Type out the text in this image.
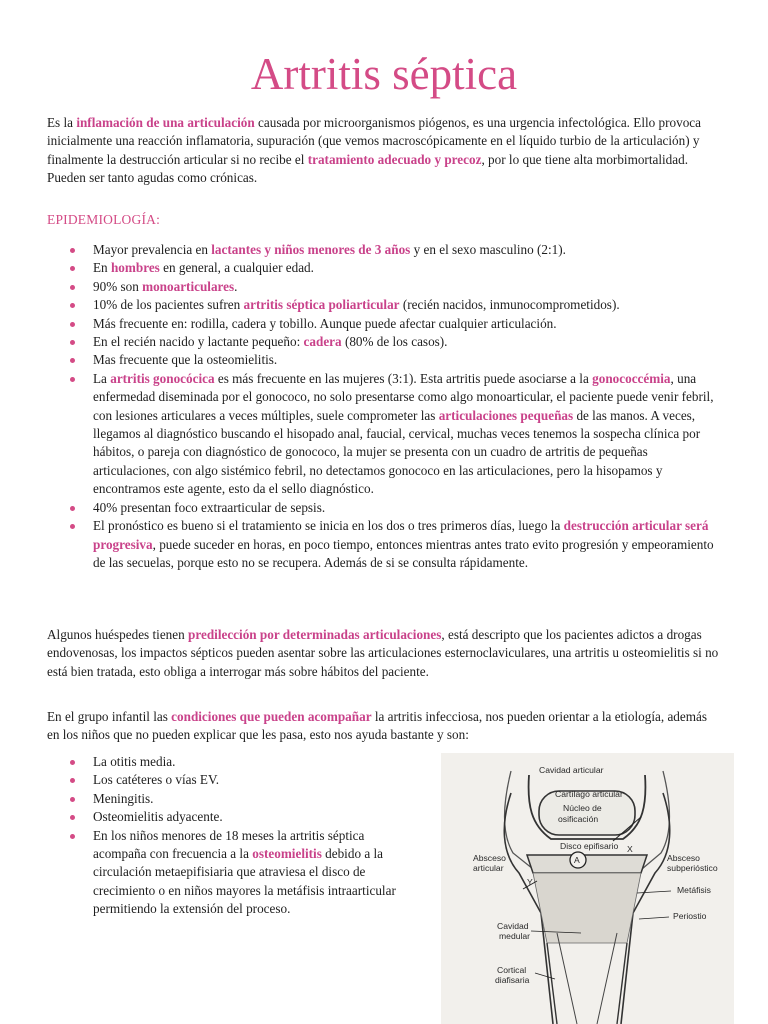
Artritis séptica

Es la inflamación de una articulación causada por microorganismos piógenos, es una urgencia infectológica. Ello provoca inicialmente una reacción inflamatoria, supuración (que vemos macroscópicamente en el líquido turbio de la articulación) y finalmente la destrucción articular si no recibe el tratamiento adecuado y precoz, por lo que tiene alta morbimortalidad. Pueden ser tanto agudas como crónicas.

EPIDEMIOLOGÍA:
Mayor prevalencia en lactantes y niños menores de 3 años y en el sexo masculino (2:1).
En hombres en general, a cualquier edad.
90% son monoarticulares.
10% de los pacientes sufren artritis séptica poliarticular (recién nacidos, inmunocomprometidos).
Más frecuente en: rodilla, cadera y tobillo. Aunque puede afectar cualquier articulación.
En el recién nacido y lactante pequeño: cadera (80% de los casos).
Mas frecuente que la osteomielitis.
La artritis gonocócica es más frecuente en las mujeres (3:1). Esta artritis puede asociarse a la gonococcémia, una enfermedad diseminada por el gonococo, no solo presentarse como algo monoarticular, el paciente puede venir febril, con lesiones articulares a veces múltiples, suele comprometer las articulaciones pequeñas de las manos. A veces, llegamos al diagnóstico buscando el hisopado anal, faucial, cervical, muchas veces tenemos la sospecha clínica por hábitos, o pareja con diagnóstico de gonococo, la mujer se presenta con un cuadro de artritis de pequeñas articulaciones, con algo sistémico febril, no detectamos gonococo en las articulaciones, pero la hisopamos y encontramos este agente, esto da el sello diagnóstico.
40% presentan foco extraarticular de sepsis.
El pronóstico es bueno si el tratamiento se inicia en los dos o tres primeros días, luego la destrucción articular será progresiva, puede suceder en horas, en poco tiempo, entonces mientras antes trato evito progresión y empeoramiento de las secuelas, porque esto no se recupera. Además de si se consulta rápidamente.

Algunos huéspedes tienen predilección por determinadas articulaciones, está descripto que los pacientes adictos a drogas endovenosas, los impactos sépticos pueden asentar sobre las articulaciones esternoclaviculares, una artritis u osteomielitis si no está bien tratada, esto obliga a interrogar más sobre hábitos del paciente.

En el grupo infantil las condiciones que pueden acompañar la artritis infecciosa, nos pueden orientar a la etiología, además en los niños que no pueden explicar que les pasa, esto nos ayuda bastante y son:

La otitis media.
Los catéteres o vías EV.
Meningitis.
Osteomielitis adyacente.
En los niños menores de 18 meses la artritis séptica acompaña con frecuencia a la osteomielitis debido a la circulación metaepifisiaria que atraviesa el disco de crecimiento o en niños mayores la metáfisis intraarticular permitiendo la extensión del proceso.
A
X
Y
Cavidad articular
Cartílago articular
Núcleo de
osificación
Disco epifisario
Absceso
articular
Absceso
subperióstico
Metáfisis
Periostio
Cavidad
medular
Cortical
diafisaria
